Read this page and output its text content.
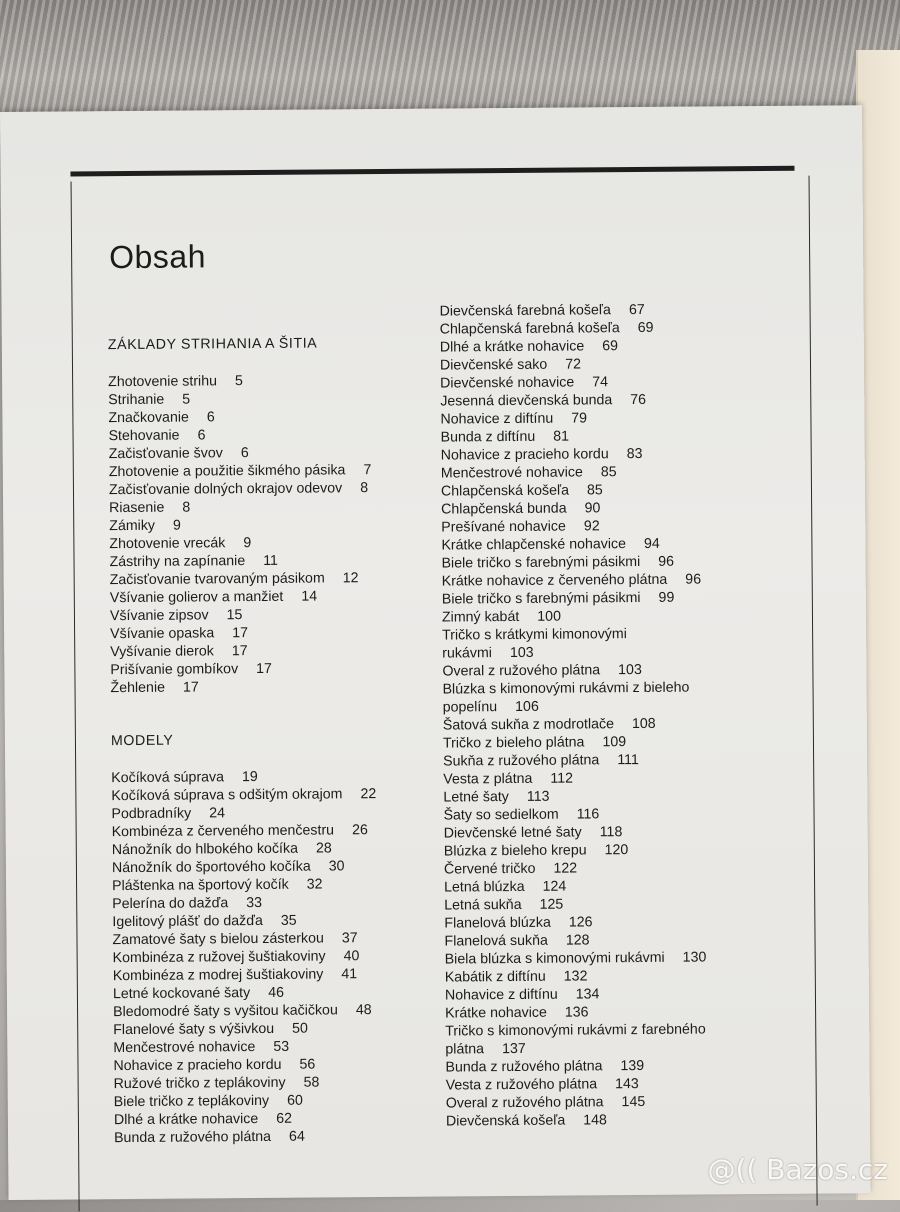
Obsah
ZÁKLADY STRIHANIA A ŠITIA
Zhotovenie strihu 5
Strihanie 5
Značkovanie 6
Stehovanie 6
Začisťovanie švov 6
Zhotovenie a použitie šikmého pásika 7
Začisťovanie dolných okrajov odevov 8
Riasenie 8
Zámiky 9
Zhotovenie vrecák 9
Zástrihy na zapínanie 11
Začisťovanie tvarovaným pásikom 12
Všívanie golierov a manžiet 14
Všívanie zipsov 15
Všívanie opaska 17
Vyšívanie dierok 17
Prišívanie gombíkov 17
Žehlenie 17
MODELY
Kočíková súprava 19
Kočíková súprava s odšitým okrajom 22
Podbradníky 24
Kombinéza z červeného menčestru 26
Nánožník do hlbokého kočíka 28
Nánožník do športového kočíka 30
Pláštenka na športový kočík 32
Pelerína do dažďa 33
Igelitový plášť do dažďa 35
Zamatové šaty s bielou zásterkou 37
Kombinéza z ružovej šuštiakoviny 40
Kombinéza z modrej šuštiakoviny 41
Letné kockované šaty 46
Bledomodré šaty s vyšitou kačičkou 48
Flanelové šaty s výšivkou 50
Menčestrové nohavice 53
Nohavice z pracieho kordu 56
Ružové tričko z teplákoviny 58
Biele tričko z teplákoviny 60
Dlhé a krátke nohavice 62
Bunda z ružového plátna 64
Dievčenská farebná košeľa 67
Chlapčenská farebná košeľa 69
Dlhé a krátke nohavice 69
Dievčenské sako 72
Dievčenské nohavice 74
Jesenná dievčenská bunda 76
Nohavice z diftínu 79
Bunda z diftínu 81
Nohavice z pracieho kordu 83
Menčestrové nohavice 85
Chlapčenská košeľa 85
Chlapčenská bunda 90
Prešívané nohavice 92
Krátke chlapčenské nohavice 94
Biele tričko s farebnými pásikmi 96
Krátke nohavice z červeného plátna 96
Biele tričko s farebnými pásikmi 99
Zimný kabát 100
Tričko s krátkymi kimonovými
rukávmi 103
Overal z ružového plátna 103
Blúzka s kimonovými rukávmi z bieleho
popelínu 106
Šatová sukňa z modrotlače 108
Tričko z bieleho plátna 109
Sukňa z ružového plátna 111
Vesta z plátna 112
Letné šaty 113
Šaty so sedielkom 116
Dievčenské letné šaty 118
Blúzka z bieleho krepu 120
Červené tričko 122
Letná blúzka 124
Letná sukňa 125
Flanelová blúzka 126
Flanelová sukňa 128
Biela blúzka s kimonovými rukávmi 130
Kabátik z diftínu 132
Nohavice z diftínu 134
Krátke nohavice 136
Tričko s kimonovými rukávmi z farebného
plátna 137
Bunda z ružového plátna 139
Vesta z ružového plátna 143
Overal z ružového plátna 145
Dievčenská košeľa 148
@(( Bazos.cz
